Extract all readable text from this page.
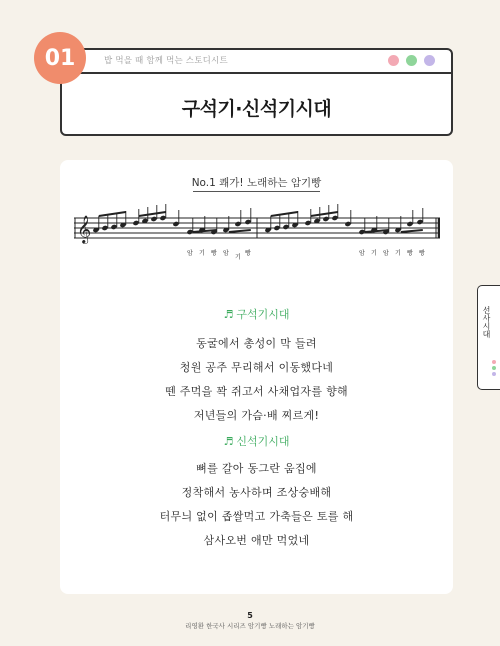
밥 먹을 때 함께 먹는 스토디시트
구석기·신석기시대
01
No.1 쾌가! 노래하는 암기빵
𝄞
암 기 빵 암
기
빵	암 기 암 기 빵 빵
♬ 구석기시대
동굴에서 총성이 막 들려
청원 공주 무리해서 이동했다네
뗀 주먹을 꽉 쥐고서 사채업자를 향해
저년들의 가슴·배 찌르게!
♬ 신석기시대
뼈를 갈아 동그란 움집에
정착해서 농사하며 조상숭배해
터무늬 없이 좁쌀먹고 가축들은 토를 해
삼사오번 애만 먹었네
선사시대
5
리영환 한국사 시리즈 암기빵 노래하는 암기빵
